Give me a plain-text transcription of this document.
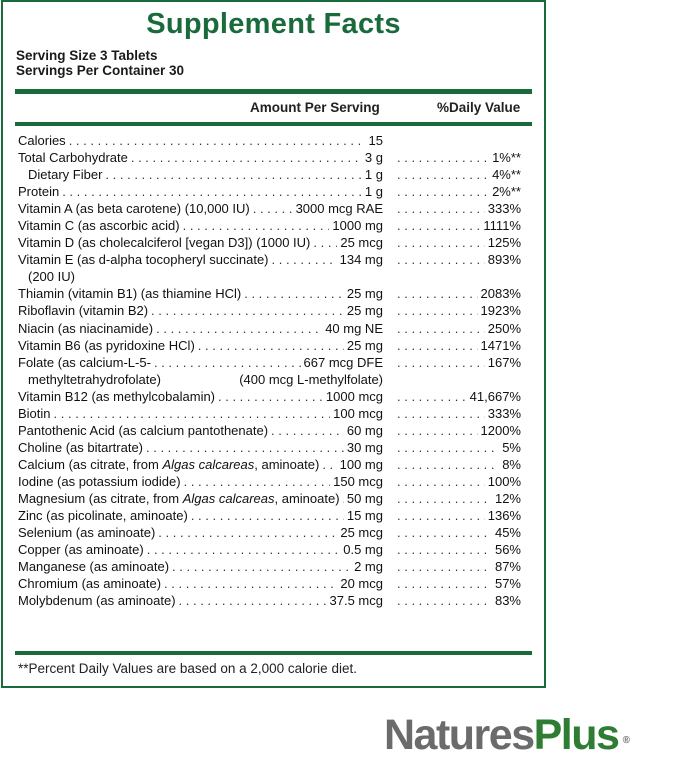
Supplement Facts
Serving Size 3 Tablets
Servings Per Container 30
Amount Per Serving	%Daily Value
Calories . . .	15
Total Carbohydrate . . .	3 g . . .	1%**
Dietary Fiber . . .	1 g . . .	4%**
Protein . . .	1 g . . .	2%**
Vitamin A (as beta carotene) (10,000 IU) . . .	3000 mcg RAE . . .	333%
Vitamin C (as ascorbic acid) . . .	1000 mg . . .	1111%
Vitamin D (as cholecalciferol [vegan D3]) (1000 IU) . . . 25 mcg . . .	125%
Vitamin E (as d-alpha tocopheryl succinate) . . .	134 mg . . .	893%
(200 IU)
Thiamin (vitamin B1) (as thiamine HCl) . . .	25 mg . . .	2083%
Riboflavin (vitamin B2) . . .	25 mg . . .	1923%
Niacin (as niacinamide) . . .	40 mg NE . . .	250%
Vitamin B6 (as pyridoxine HCl) . . .	25 mg . . .	1471%
Folate (as calcium-L-5- . . .	667 mcg DFE . . .	167%
methyltetrahydrofolate)	(400 mcg L-methylfolate)
Vitamin B12 (as methylcobalamin) . . .	1000 mcg . . .	41,667%
Biotin . . .	100 mcg . . .	333%
Pantothenic Acid (as calcium pantothenate) . . .	60 mg . . .	1200%
Choline (as bitartrate) . . .	30 mg . . .	5%
Calcium (as citrate, from Algas calcareas, aminoate) . . . 100 mg . . .	8%
Iodine (as potassium iodide) . . .	150 mcg . . .	100%
Magnesium (as citrate, from Algas calcareas, aminoate) . . . 50 mg . . .	12%
Zinc (as picolinate, aminoate) . . .	15 mg . . .	136%
Selenium (as aminoate) . . .	25 mcg . . .	45%
Copper (as aminoate) . . .	0.5 mg . . .	56%
Manganese (as aminoate) . . .	2 mg . . .	87%
Chromium (as aminoate) . . .	20 mcg . . .	57%
Molybdenum (as aminoate) . . .	37.5 mcg . . .	83%
**Percent Daily Values are based on a 2,000 calorie diet.
NaturesPlus ®
